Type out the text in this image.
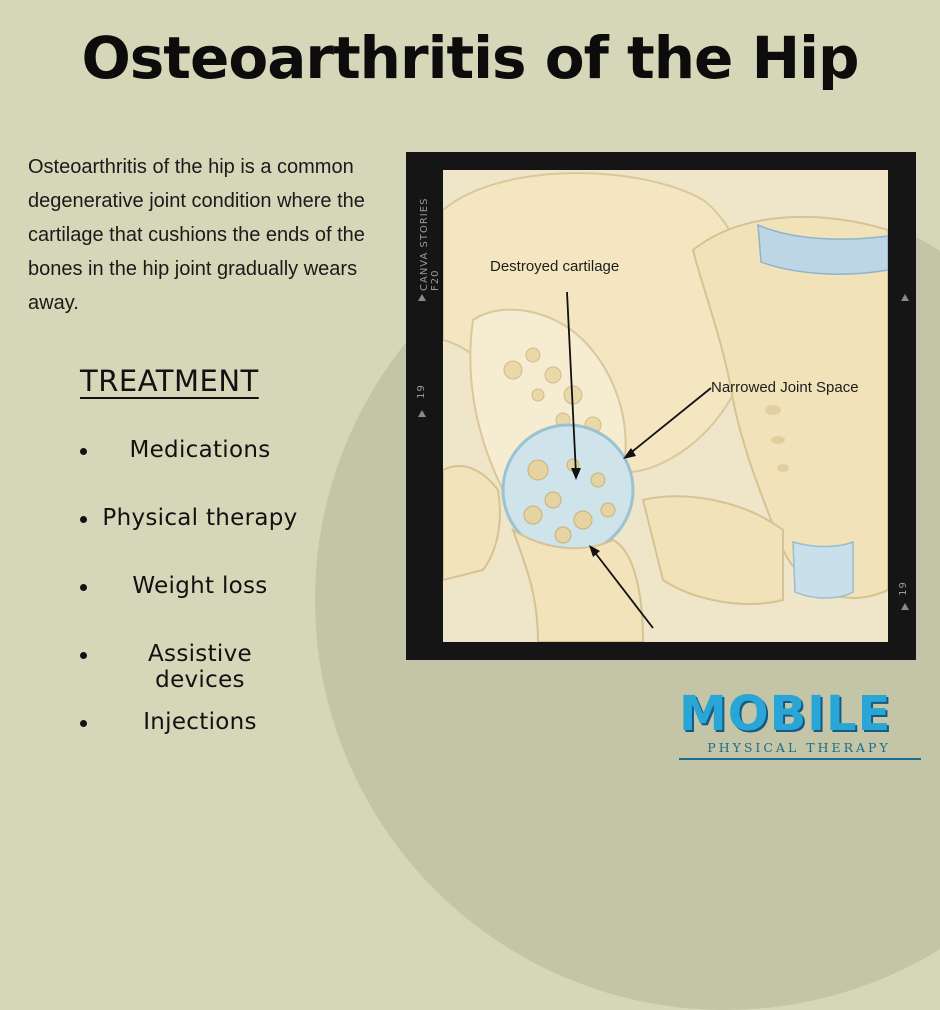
Osteoarthritis of the Hip
Osteoarthritis of the hip is a common degenerative joint condition where the cartilage that cushions the ends of the bones in the hip joint gradually wears away.
TREATMENT
Medications
Physical therapy
Weight loss
Assistive devices
Injections
CANVA STORIES F20
19
19
Destroyed cartilage
Narrowed Joint Space
MOBILE
PHYSICAL THERAPY
